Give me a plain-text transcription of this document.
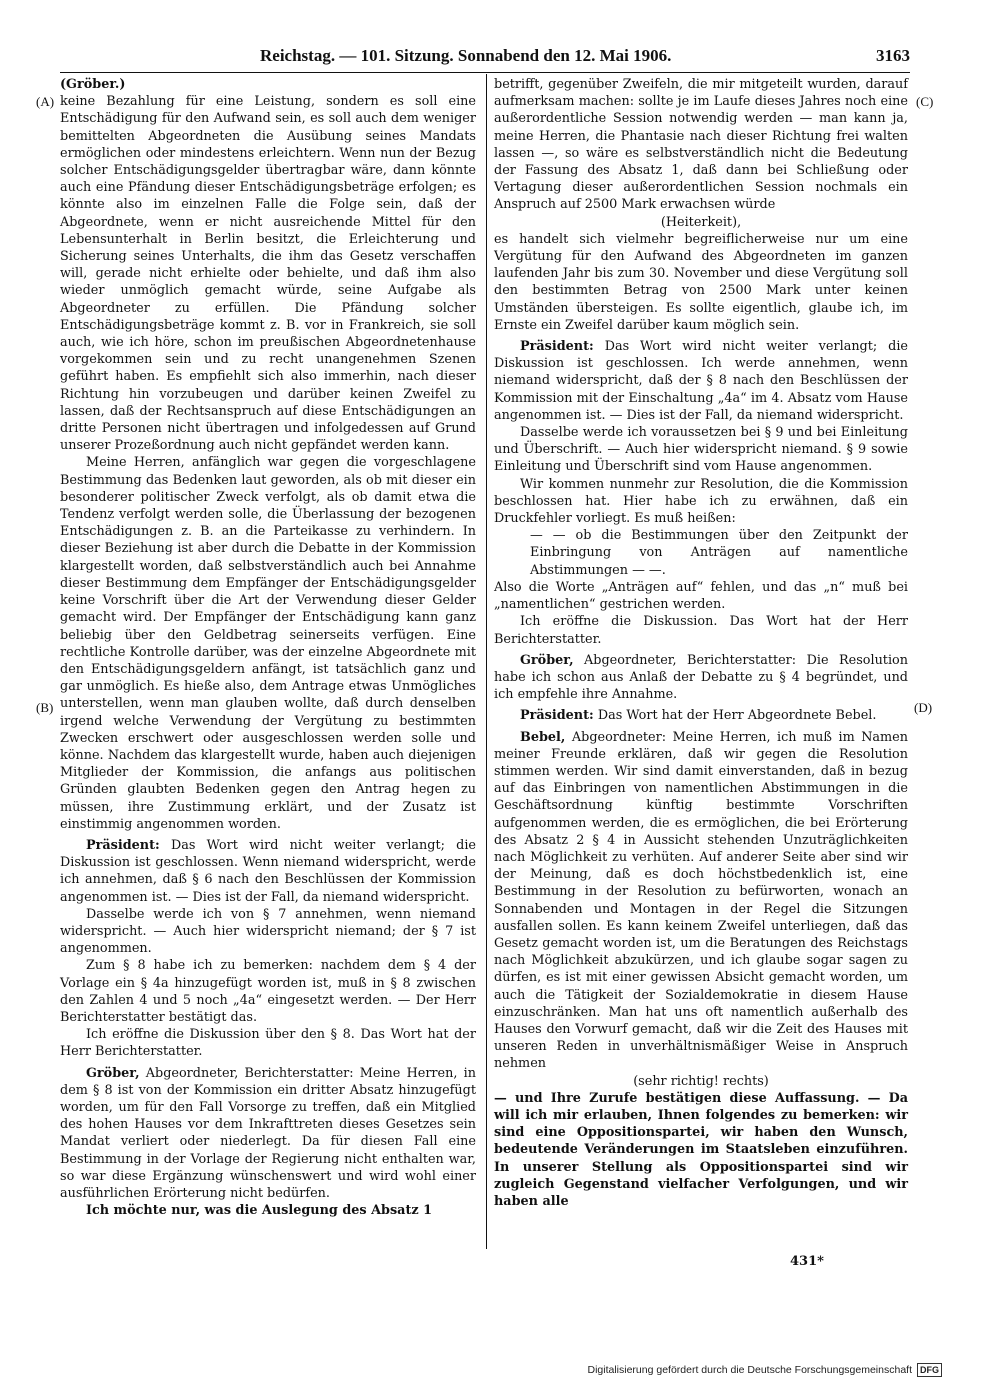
Reichstag. — 101. Sitzung. Sonnabend den 12. Mai 1906.	3163
(A)
(B)
(C)
(D)

(Gröber.)

keine Bezahlung für eine Leistung, sondern es soll eine Entschädigung für den Aufwand sein, es soll auch dem weniger bemittelten Abgeordneten die Ausübung seines Mandats ermöglichen oder mindestens erleichtern. Wenn nun der Bezug solcher Entschädigungsgelder übertragbar wäre, dann könnte auch eine Pfändung dieser Entschädigungsbeträge erfolgen; es könnte also im einzelnen Falle die Folge sein, daß der Abgeordnete, wenn er nicht ausreichende Mittel für den Lebensunterhalt in Berlin besitzt, die Erleichterung und Sicherung seines Unterhalts, die ihm das Gesetz verschaffen will, gerade nicht erhielte oder behielte, und daß ihm also wieder unmöglich gemacht würde, seine Aufgabe als Abgeordneter zu erfüllen. Die Pfändung solcher Entschädigungsbeträge kommt z. B. vor in Frankreich, sie soll auch, wie ich höre, schon im preußischen Abgeordnetenhause vorgekommen sein und zu recht unangenehmen Szenen geführt haben. Es empfiehlt sich also immerhin, nach dieser Richtung hin vorzubeugen und darüber keinen Zweifel zu lassen, daß der Rechtsanspruch auf diese Entschädigungen an dritte Personen nicht übertragen und infolgedessen auf Grund unserer Prozeßordnung auch nicht gepfändet werden kann.

Meine Herren, anfänglich war gegen die vorgeschlagene Bestimmung das Bedenken laut geworden, als ob mit dieser ein besonderer politischer Zweck verfolgt, als ob damit etwa die Tendenz verfolgt werden solle, die Überlassung der bezogenen Entschädigungen z. B. an die Parteikasse zu verhindern. In dieser Beziehung ist aber durch die Debatte in der Kommission klargestellt worden, daß selbstverständlich auch bei Annahme dieser Bestimmung dem Empfänger der Entschädigungsgelder keine Vorschrift über die Art der Verwendung dieser Gelder gemacht wird. Der Empfänger der Entschädigung kann ganz beliebig über den Geldbetrag seinerseits verfügen. Eine rechtliche Kontrolle darüber, was der einzelne Abgeordnete mit den Entschädigungsgeldern anfängt, ist tatsächlich ganz und gar unmöglich. Es hieße also, dem Antrage etwas Unmögliches unterstellen, wenn man glauben wollte, daß durch denselben irgend welche Verwendung der Vergütung zu bestimmten Zwecken erschwert oder ausgeschlossen werden solle und könne. Nachdem das klargestellt wurde, haben auch diejenigen Mitglieder der Kommission, die anfangs aus politischen Gründen glaubten Bedenken gegen den Antrag hegen zu müssen, ihre Zustimmung erklärt, und der Zusatz ist einstimmig angenommen worden.

Präsident: Das Wort wird nicht weiter verlangt; die Diskussion ist geschlossen. Wenn niemand widerspricht, werde ich annehmen, daß § 6 nach den Beschlüssen der Kommission angenommen ist. — Dies ist der Fall, da niemand widerspricht.

Dasselbe werde ich von § 7 annehmen, wenn niemand widerspricht. — Auch hier widerspricht niemand; der § 7 ist angenommen.

Zum § 8 habe ich zu bemerken: nachdem dem § 4 der Vorlage ein § 4a hinzugefügt worden ist, muß in § 8 zwischen den Zahlen 4 und 5 noch „4a“ eingesetzt werden. — Der Herr Berichterstatter bestätigt das.

Ich eröffne die Diskussion über den § 8. Das Wort hat der Herr Berichterstatter.

Gröber, Abgeordneter, Berichterstatter: Meine Herren, in dem § 8 ist von der Kommission ein dritter Absatz hinzugefügt worden, um für den Fall Vorsorge zu treffen, daß ein Mitglied des hohen Hauses vor dem Inkrafttreten dieses Gesetzes sein Mandat verliert oder niederlegt. Da für diesen Fall eine Bestimmung in der Vorlage der Regierung nicht enthalten war, so war diese Ergänzung wünschenswert und wird wohl einer ausführlichen Erörterung nicht bedürfen.

Ich möchte nur, was die Auslegung des Absatz 1

betrifft, gegenüber Zweifeln, die mir mitgeteilt wurden, darauf aufmerksam machen: sollte je im Laufe dieses Jahres noch eine außerordentliche Session notwendig werden — man kann ja, meine Herren, die Phantasie nach dieser Richtung frei walten lassen —, so wäre es selbstverständlich nicht die Bedeutung der Fassung des Absatz 1, daß dann bei Schließung oder Vertagung dieser außerordentlichen Session nochmals ein Anspruch auf 2500 Mark erwachsen würde

(Heiterkeit),

es handelt sich vielmehr begreiflicherweise nur um eine Vergütung für den Aufwand des Abgeordneten im ganzen laufenden Jahr bis zum 30. November und diese Vergütung soll den bestimmten Betrag von 2500 Mark unter keinen Umständen übersteigen. Es sollte eigentlich, glaube ich, im Ernste ein Zweifel darüber kaum möglich sein.

Präsident: Das Wort wird nicht weiter verlangt; die Diskussion ist geschlossen. Ich werde annehmen, wenn niemand widerspricht, daß der § 8 nach den Beschlüssen der Kommission mit der Einschaltung „4a“ im 4. Absatz vom Hause angenommen ist. — Dies ist der Fall, da niemand widerspricht.

Dasselbe werde ich voraussetzen bei § 9 und bei Einleitung und Überschrift. — Auch hier widerspricht niemand. § 9 sowie Einleitung und Überschrift sind vom Hause angenommen.

Wir kommen nunmehr zur Resolution, die die Kommission beschlossen hat. Hier habe ich zu erwähnen, daß ein Druckfehler vorliegt. Es muß heißen:

— — ob die Bestimmungen über den Zeitpunkt der Einbringung von Anträgen auf namentliche Abstimmungen — —.

Also die Worte „Anträgen auf“ fehlen, und das „n“ muß bei „namentlichen“ gestrichen werden.

Ich eröffne die Diskussion. Das Wort hat der Herr Berichterstatter.

Gröber, Abgeordneter, Berichterstatter: Die Resolution habe ich schon aus Anlaß der Debatte zu § 4 begründet, und ich empfehle ihre Annahme.

Präsident: Das Wort hat der Herr Abgeordnete Bebel.

Bebel, Abgeordneter: Meine Herren, ich muß im Namen meiner Freunde erklären, daß wir gegen die Resolution stimmen werden. Wir sind damit einverstanden, daß in bezug auf das Einbringen von namentlichen Abstimmungen in die Geschäftsordnung künftig bestimmte Vorschriften aufgenommen werden, die es ermöglichen, die bei Erörterung des Absatz 2 § 4 in Aussicht stehenden Unzuträglichkeiten nach Möglichkeit zu verhüten. Auf anderer Seite aber sind wir der Meinung, daß es doch höchstbedenklich ist, eine Bestimmung in der Resolution zu befürworten, wonach an Sonnabenden und Montagen in der Regel die Sitzungen ausfallen sollen. Es kann keinem Zweifel unterliegen, daß das Gesetz gemacht worden ist, um die Beratungen des Reichstags nach Möglichkeit abzukürzen, und ich glaube sogar sagen zu dürfen, es ist mit einer gewissen Absicht gemacht worden, um auch die Tätigkeit der Sozialdemokratie in diesem Hause einzuschränken. Man hat uns oft namentlich außerhalb des Hauses den Vorwurf gemacht, daß wir die Zeit des Hauses mit unseren Reden in unverhältnismäßiger Weise in Anspruch nehmen

(sehr richtig! rechts)

— und Ihre Zurufe bestätigen diese Auffassung. — Da will ich mir erlauben, Ihnen folgendes zu bemerken: wir sind eine Oppositionspartei, wir haben den Wunsch, bedeutende Veränderungen im Staatsleben einzuführen. In unserer Stellung als Oppositionspartei sind wir zugleich Gegenstand vielfacher Verfolgungen, und wir haben alle

431*
Digitalisierung gefördert durch die Deutsche Forschungsgemeinschaft DFG
